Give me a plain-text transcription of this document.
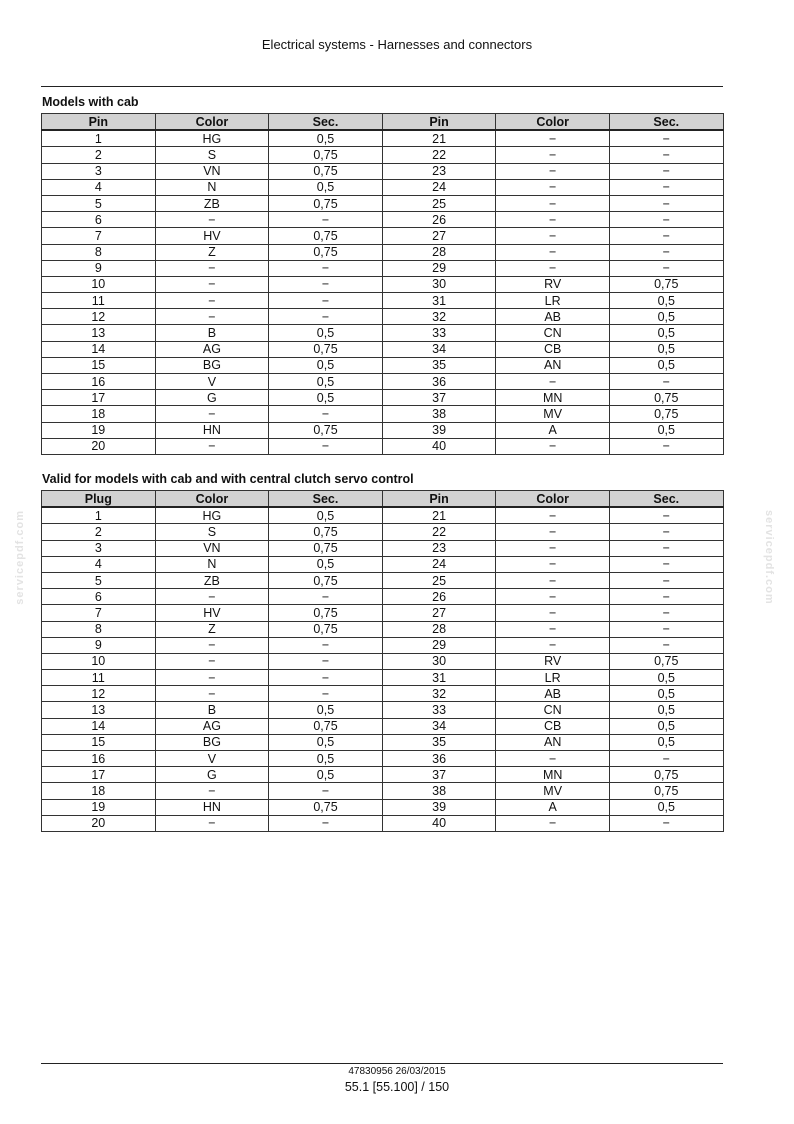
Electrical systems - Harnesses and connectors
Models with cab
Pin	Color	Sec.	Pin	Color	Sec.
1	HG	0,5	21	−	−
2	S	0,75	22	−	−
3	VN	0,75	23	−	−
4	N	0,5	24	−	−
5	ZB	0,75	25	−	−
6	−	−	26	−	−
7	HV	0,75	27	−	−
8	Z	0,75	28	−	−
9	−	−	29	−	−
10	−	−	30	RV	0,75
11	−	−	31	LR	0,5
12	−	−	32	AB	0,5
13	B	0,5	33	CN	0,5
14	AG	0,75	34	CB	0,5
15	BG	0,5	35	AN	0,5
16	V	0,5	36	−	−
17	G	0,5	37	MN	0,75
18	−	−	38	MV	0,75
19	HN	0,75	39	A	0,5
20	−	−	40	−	−
Valid for models with cab and with central clutch servo control
Plug	Color	Sec.	Pin	Color	Sec.
1	HG	0,5	21	−	−
2	S	0,75	22	−	−
3	VN	0,75	23	−	−
4	N	0,5	24	−	−
5	ZB	0,75	25	−	−
6	−	−	26	−	−
7	HV	0,75	27	−	−
8	Z	0,75	28	−	−
9	−	−	29	−	−
10	−	−	30	RV	0,75
11	−	−	31	LR	0,5
12	−	−	32	AB	0,5
13	B	0,5	33	CN	0,5
14	AG	0,75	34	CB	0,5
15	BG	0,5	35	AN	0,5
16	V	0,5	36	−	−
17	G	0,5	37	MN	0,75
18	−	−	38	MV	0,75
19	HN	0,75	39	A	0,5
20	−	−	40	−	−
servicepdf.com	servicepdf.com
47830956 26/03/2015
55.1 [55.100] / 150
